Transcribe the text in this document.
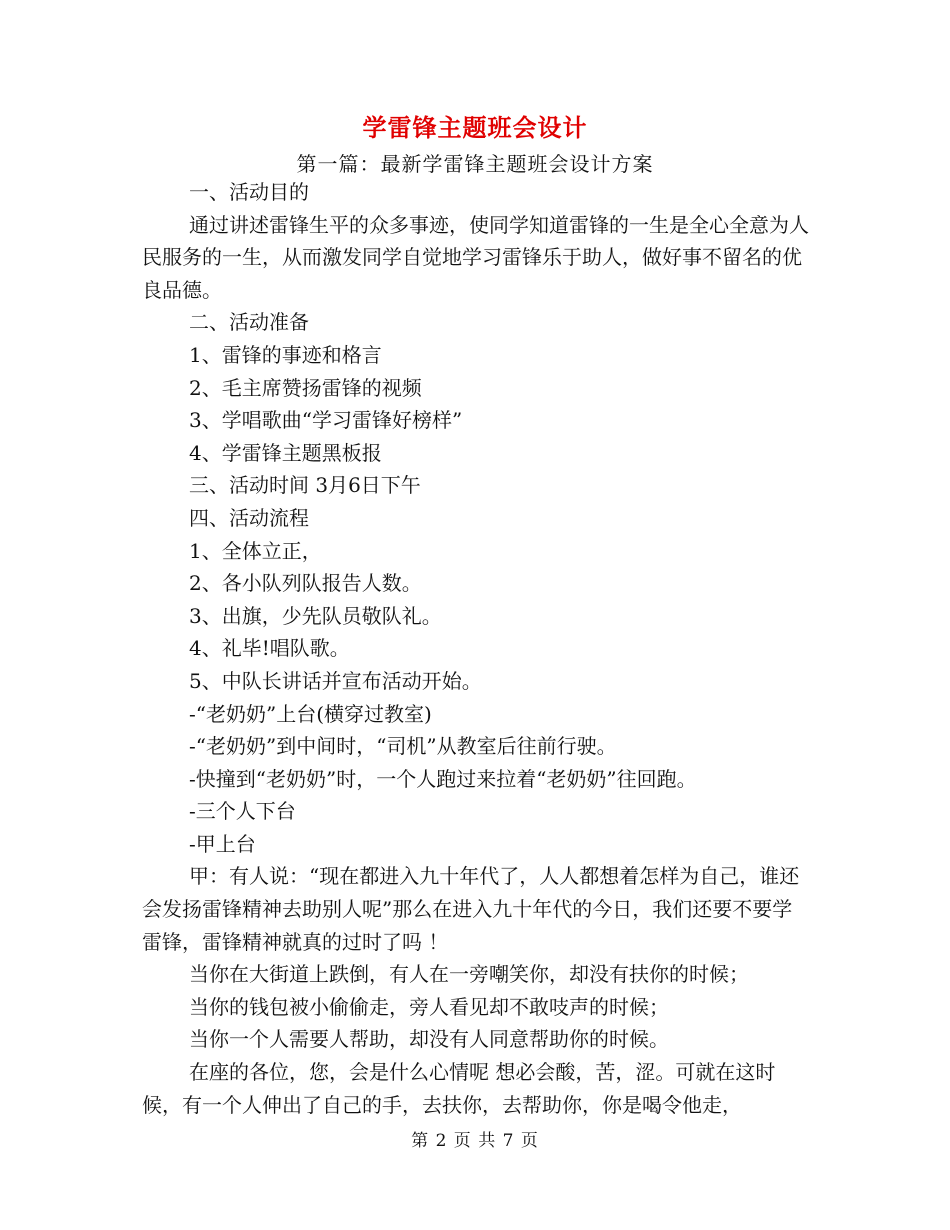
学雷锋主题班会设计
第一篇：最新学雷锋主题班会设计方案

一、活动目的

通过讲述雷锋生平的众多事迹，使同学知道雷锋的一生是全心全意为人民服务的一生，从而激发同学自觉地学习雷锋乐于助人，做好事不留名的优良品德。

二、活动准备

1、雷锋的事迹和格言

2、毛主席赞扬雷锋的视频

3、学唱歌曲“学习雷锋好榜样”

4、学雷锋主题黑板报

三、活动时间 3月6日下午

四、活动流程

1、全体立正，

2、各小队列队报告人数。

3、出旗，少先队员敬队礼。

4、礼毕!唱队歌。

5、中队长讲话并宣布活动开始。

-“老奶奶”上台(横穿过教室)

-“老奶奶”到中间时，“司机”从教室后往前行驶。

-快撞到“老奶奶”时，一个人跑过来拉着“老奶奶”往回跑。

-三个人下台

-甲上台

甲：有人说：“现在都进入九十年代了，人人都想着怎样为自己，谁还会发扬雷锋精神去助别人呢”那么在进入九十年代的今日，我们还要不要学雷锋，雷锋精神就真的过时了吗 ！

当你在大街道上跌倒，有人在一旁嘲笑你，却没有扶你的时候；

当你的钱包被小偷偷走，旁人看见却不敢吱声的时候；

当你一个人需要人帮助，却没有人同意帮助你的时候。

在座的各位，您，会是什么心情呢 想必会酸，苦，涩。可就在这时候，有一个人伸出了自己的手，去扶你，去帮助你，你是喝令他走，

第 2 页 共 7 页
